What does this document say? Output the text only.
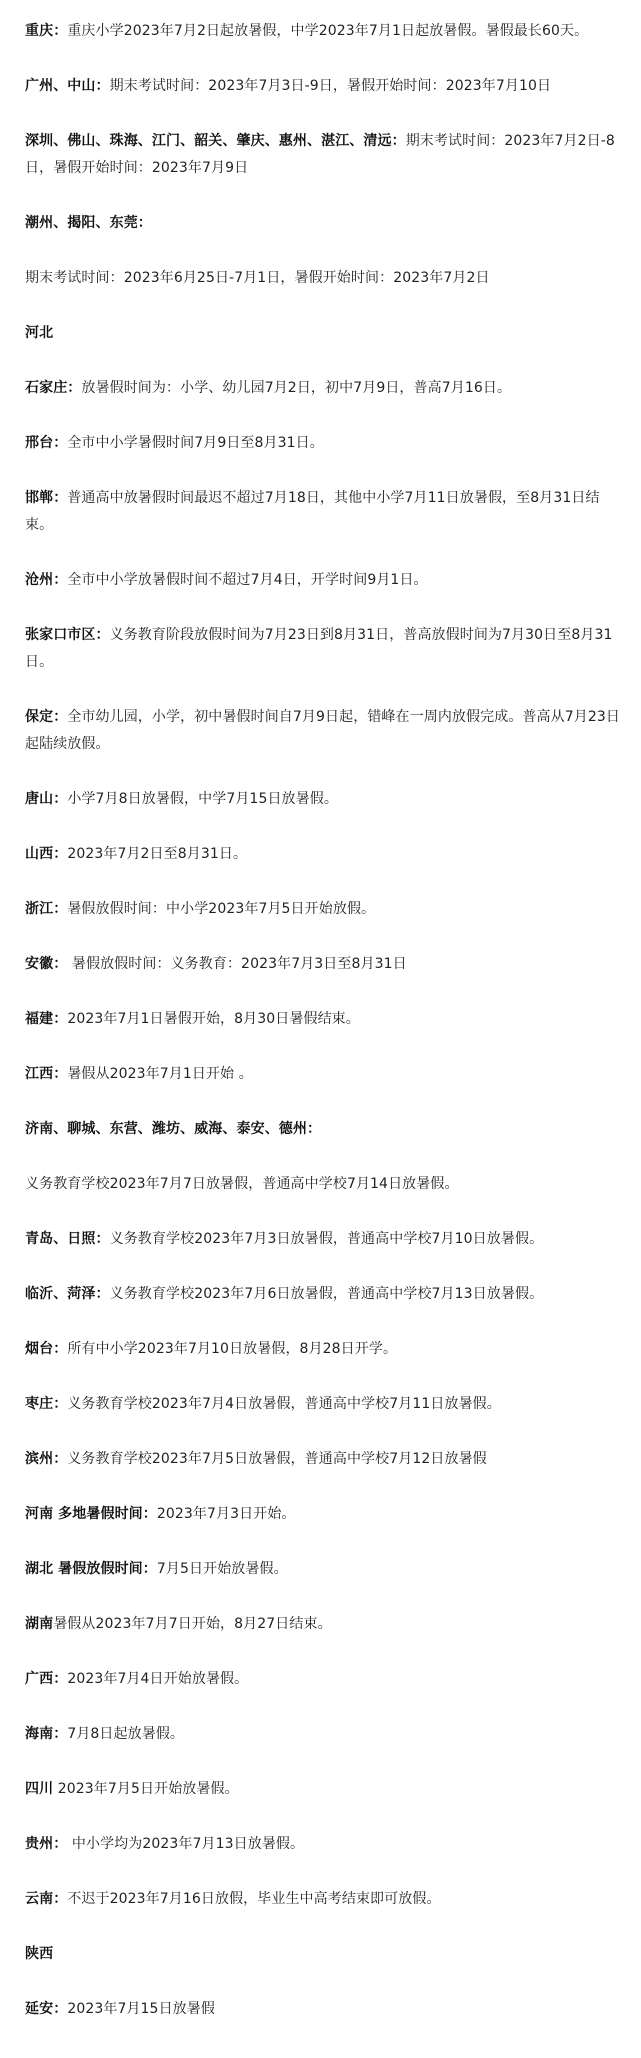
重庆：重庆小学2023年7月2日起放暑假，中学2023年7月1日起放暑假。暑假最长60天。

广州、中山：期末考试时间：2023年7月3日-9日，暑假开始时间：2023年7月10日

深圳、佛山、珠海、江门、韶关、肇庆、惠州、湛江、清远：期末考试时间：2023年7月2日-8日，暑假开始时间：2023年7月9日

潮州、揭阳、东莞：

期末考试时间：2023年6月25日-7月1日，暑假开始时间：2023年7月2日

河北

石家庄：放暑假时间为：小学、幼儿园7月2日，初中7月9日，普高7月16日。

邢台：全市中小学暑假时间7月9日至8月31日。

邯郸：普通高中放暑假时间最迟不超过7月18日，其他中小学7月11日放暑假，至8月31日结束。

沧州：全市中小学放暑假时间不超过7月4日，开学时间9月1日。

张家口市区：义务教育阶段放假时间为7月23日到8月31日，普高放假时间为7月30日至8月31日。

保定：全市幼儿园，小学，初中暑假时间自7月9日起，错峰在一周内放假完成。普高从7月23日起陆续放假。

唐山：小学7月8日放暑假，中学7月15日放暑假。

山西：2023年7月2日至8月31日。

浙江：暑假放假时间：中小学2023年7月5日开始放假。

安徽： 暑假放假时间：义务教育：2023年7月3日至8月31日

福建：2023年7月1日暑假开始，8月30日暑假结束。

江西：暑假从2023年7月1日开始 。

济南、聊城、东营、潍坊、威海、泰安、德州：

义务教育学校2023年7月7日放暑假，普通高中学校7月14日放暑假。

青岛、日照：义务教育学校2023年7月3日放暑假，普通高中学校7月10日放暑假。

临沂、菏泽：义务教育学校2023年7月6日放暑假，普通高中学校7月13日放暑假。

烟台：所有中小学2023年7月10日放暑假，8月28日开学。

枣庄：义务教育学校2023年7月4日放暑假，普通高中学校7月11日放暑假。

滨州：义务教育学校2023年7月5日放暑假，普通高中学校7月12日放暑假

河南 多地暑假时间：2023年7月3日开始。

湖北 暑假放假时间：7月5日开始放暑假。

湖南暑假从2023年7月7日开始，8月27日结束。

广西：2023年7月4日开始放暑假。

海南：7月8日起放暑假。

四川 2023年7月5日开始放暑假。

贵州： 中小学均为2023年7月13日放暑假。

云南：不迟于2023年7月16日放假，毕业生中高考结束即可放假。

陕西

延安：2023年7月15日放暑假
